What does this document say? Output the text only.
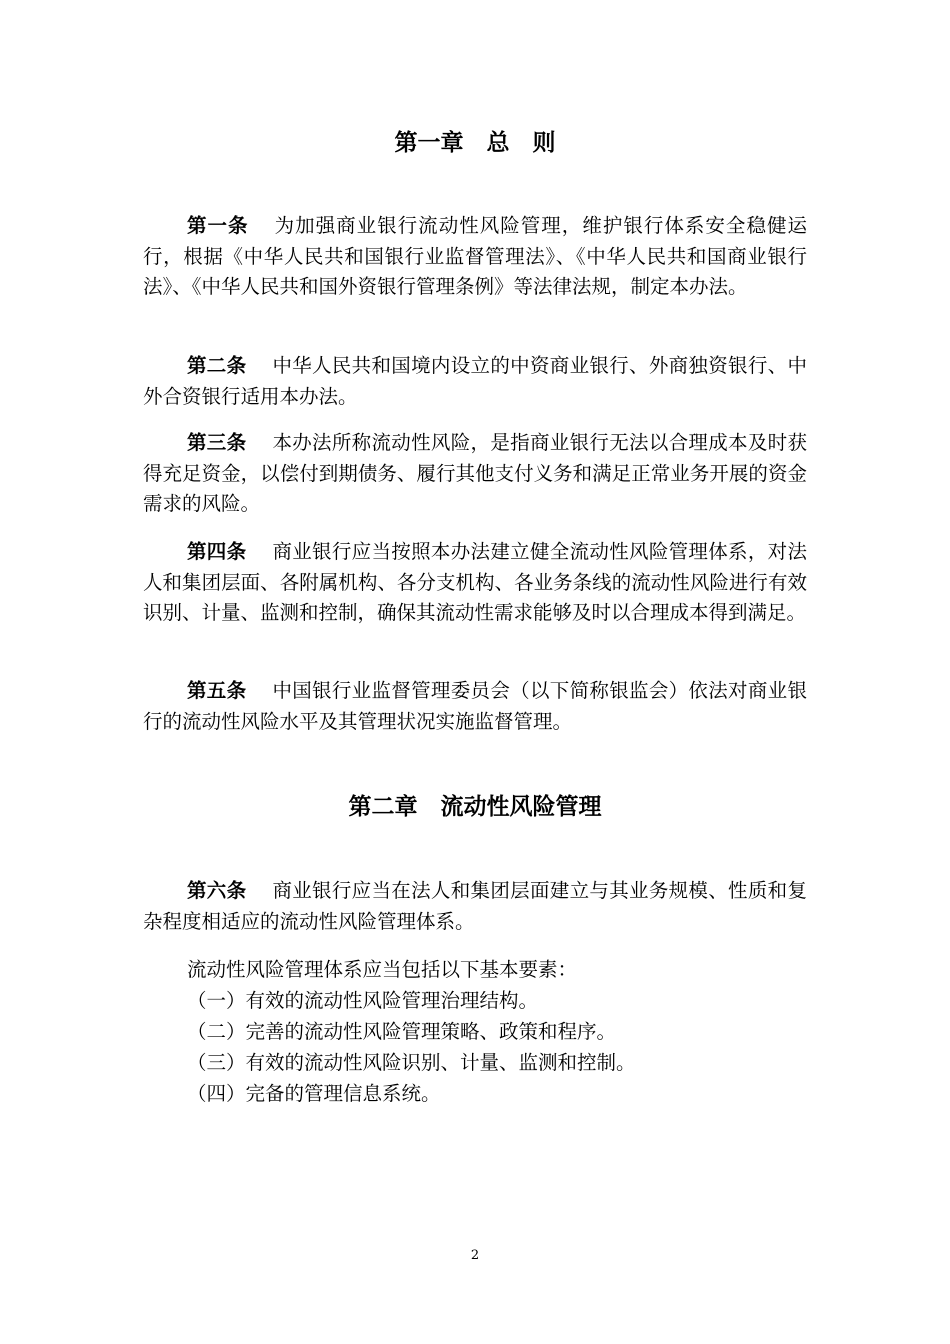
第一章　总　则

第一条 为加强商业银行流动性风险管理，维护银行体系安全稳健运行，根据《中华人民共和国银行业监督管理法》、《中华人民共和国商业银行法》、《中华人民共和国外资银行管理条例》等法律法规，制定本办法。

第二条 中华人民共和国境内设立的中资商业银行、外商独资银行、中外合资银行适用本办法。

第三条 本办法所称流动性风险，是指商业银行无法以合理成本及时获得充足资金，以偿付到期债务、履行其他支付义务和满足正常业务开展的资金需求的风险。

第四条 商业银行应当按照本办法建立健全流动性风险管理体系，对法人和集团层面、各附属机构、各分支机构、各业务条线的流动性风险进行有效识别、计量、监测和控制，确保其流动性需求能够及时以合理成本得到满足。

第五条 中国银行业监督管理委员会（以下简称银监会）依法对商业银行的流动性风险水平及其管理状况实施监督管理。

第二章　流动性风险管理

第六条 商业银行应当在法人和集团层面建立与其业务规模、性质和复杂程度相适应的流动性风险管理体系。

流动性风险管理体系应当包括以下基本要素：

（一）有效的流动性风险管理治理结构。

（二）完善的流动性风险管理策略、政策和程序。

（三）有效的流动性风险识别、计量、监测和控制。

（四）完备的管理信息系统。

2
